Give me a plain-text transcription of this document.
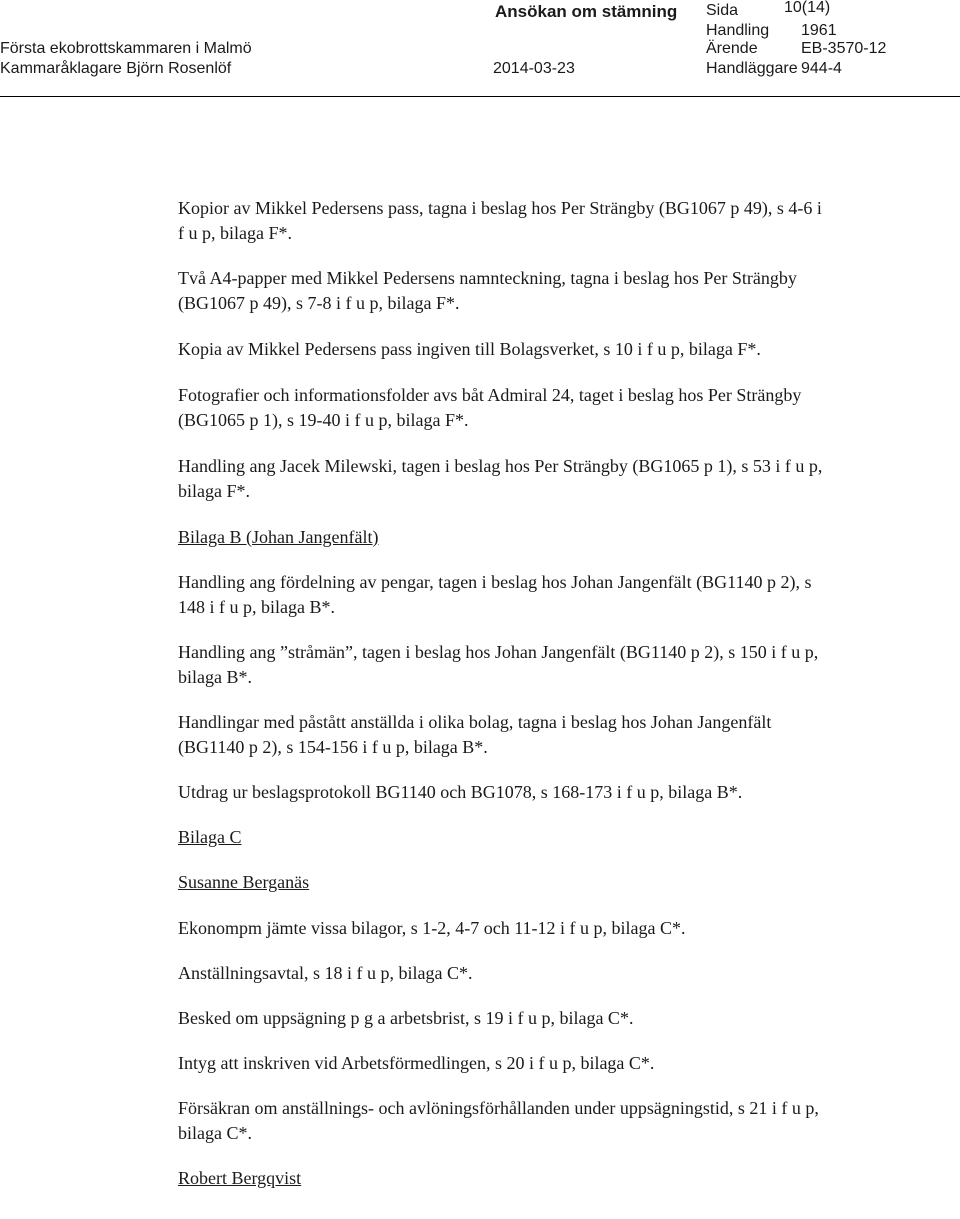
Ansökan om stämning
Första ekobrottskammaren i Malmö
Kammaråklagare Björn Rosenlöf	2014-03-23
Sida	10(14)
Handling 1961
Ärende	EB-3570-12
Handläggare 944-4

Kopior av Mikkel Pedersens pass, tagna i beslag hos Per Strängby (BG1067 p 49), s 4-6 i f u p, bilaga F*.

Två A4-papper med Mikkel Pedersens namnteckning, tagna i beslag hos Per Strängby (BG1067 p 49), s 7-8 i f u p, bilaga F*.

Kopia av Mikkel Pedersens pass ingiven till Bolagsverket, s 10 i f u p, bilaga F*.

Fotografier och informationsfolder avs båt Admiral 24, taget i beslag hos Per Strängby (BG1065 p 1), s 19-40 i f u p, bilaga F*.

Handling ang Jacek Milewski, tagen i beslag hos Per Strängby (BG1065 p 1), s 53 i f u p, bilaga F*.

Bilaga B (Johan Jangenfält)

Handling ang fördelning av pengar, tagen i beslag hos Johan Jangenfält (BG1140 p 2), s 148 i f u p, bilaga B*.

Handling ang ”stråmän”, tagen i beslag hos Johan Jangenfält (BG1140 p 2), s 150 i f u p, bilaga B*.

Handlingar med påstått anställda i olika bolag, tagna i beslag hos Johan Jangenfält (BG1140 p 2), s 154-156 i f u p, bilaga B*.

Utdrag ur beslagsprotokoll BG1140 och BG1078, s 168-173 i f u p, bilaga B*.

Bilaga C

Susanne Berganäs

Ekonompm jämte vissa bilagor, s 1-2, 4-7 och 11-12 i f u p, bilaga C*.

Anställningsavtal, s 18 i f u p, bilaga C*.

Besked om uppsägning p g a arbetsbrist, s 19 i f u p, bilaga C*.

Intyg att inskriven vid Arbetsförmedlingen, s 20 i f u p, bilaga C*.

Försäkran om anställnings- och avlöningsförhållanden under uppsägningstid, s 21 i f u p, bilaga C*.

Robert Bergqvist
